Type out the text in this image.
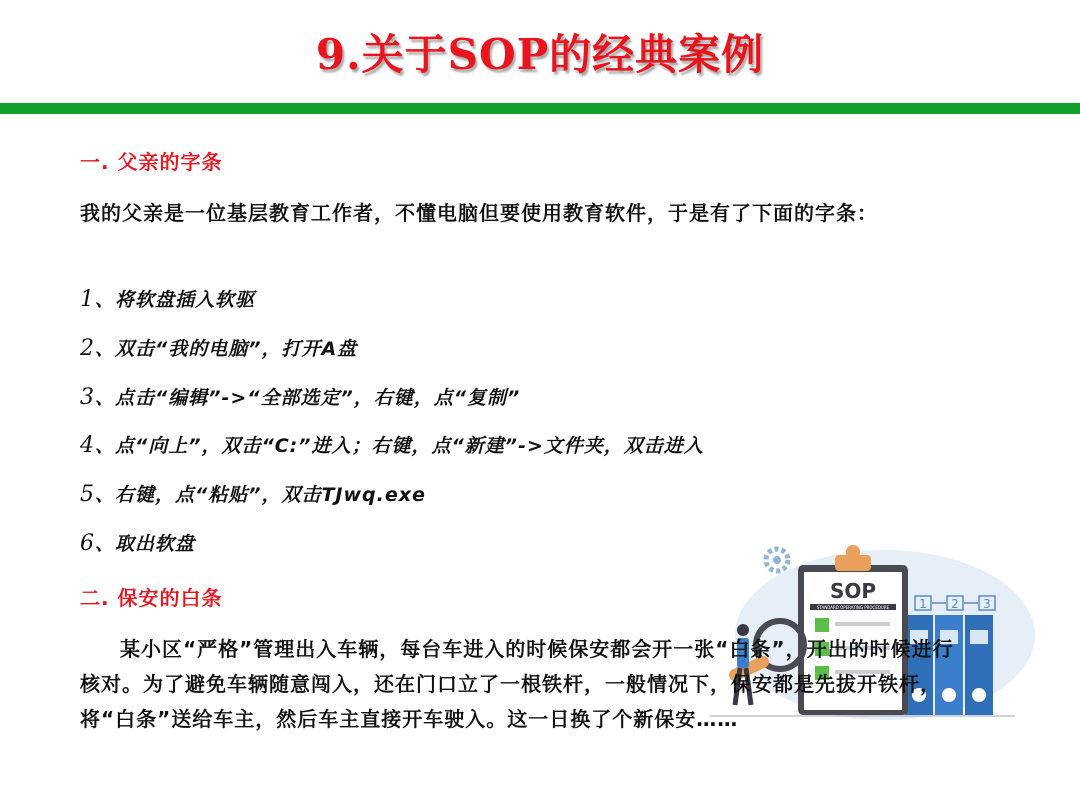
9.关于SOP的经典案例
一. 父亲的字条

我的父亲是一位基层教育工作者，不懂电脑但要使用教育软件，于是有了下面的字条：

1、将软盘插入软驱
2、双击“我的电脑”，打开A盘
3、点击“编辑”->“全部选定”，右键，点“复制”
4、点“向上”，双击“C:”进入；右键，点“新建”->文件夹，双击进入
5、右键，点“粘贴”，双击TJwq.exe
6、取出软盘
二. 保安的白条	1 2 3
SOP
STANDARD OPERATING PROCEDURE

某小区“严格”管理出入车辆，每台车进入的时候保安都会开一张“白条”，开出的时候进行核对。为了避免车辆随意闯入，还在门口立了一根铁杆，一般情况下，保安都是先拔开铁杆，将“白条”送给车主，然后车主直接开车驶入。这一日换了个新保安……
